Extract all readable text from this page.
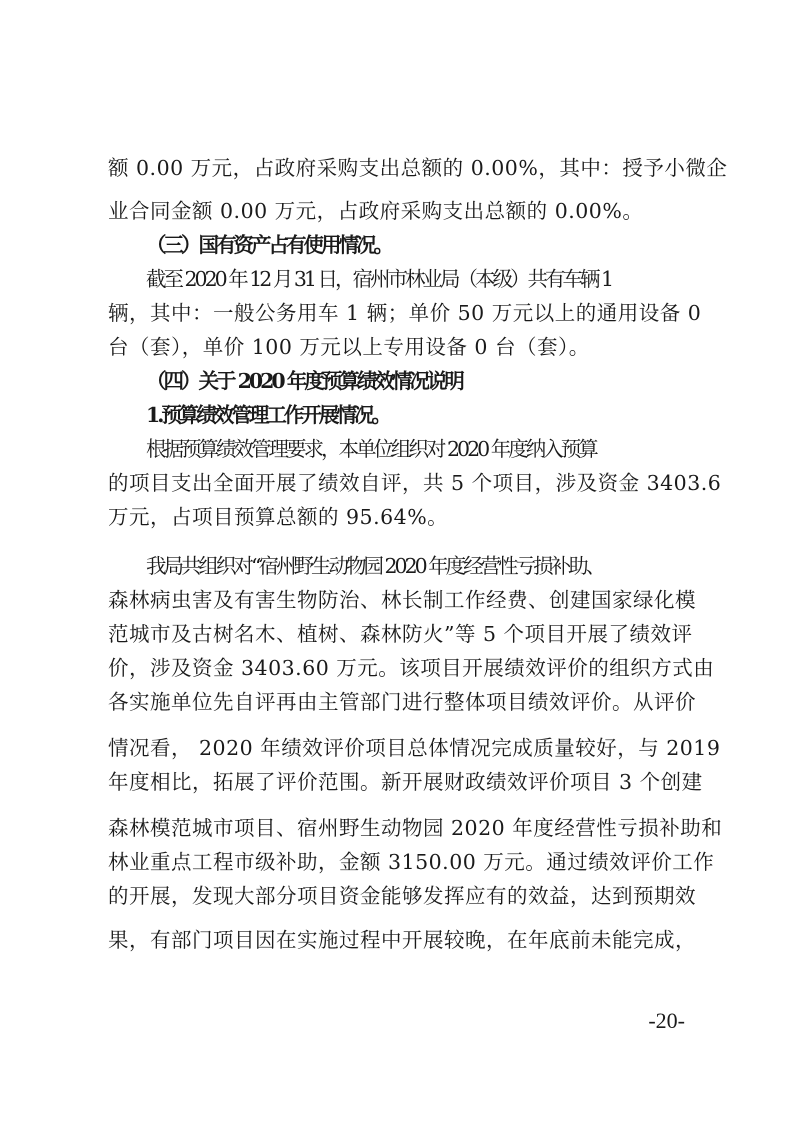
额 0.00 万元，占政府采购支出总额的 0.00%，其中：授予小微企
业合同金额 0.00 万元，占政府采购支出总额的 0.00%。
（三）国有资产占有使用情况。
截至 2020 年 12 月 31 日，宿州市林业局（本级）共有车辆 1
辆，其中：一般公务用车 1 辆；单价 50 万元以上的通用设备 0
台（套），单价 100 万元以上专用设备 0 台（套）。
（四）关于 2020 年度预算绩效情况说明
1.预算绩效管理工作开展情况。
根据预算绩效管理要求，本单位组织对 2020 年度纳入预算
的项目支出全面开展了绩效自评，共 5 个项目，涉及资金 3403.6
万元，占项目预算总额的 95.64%。
我局共组织对“宿州野生动物园 2020 年度经营性亏损补助、
森林病虫害及有害生物防治、林长制工作经费、创建国家绿化模
范城市及古树名木、植树、森林防火”等 5 个项目开展了绩效评
价，涉及资金 3403.60 万元。该项目开展绩效评价的组织方式由
各实施单位先自评再由主管部门进行整体项目绩效评价。从评价
情况看， 2020 年绩效评价项目总体情况完成质量较好，与 2019
年度相比，拓展了评价范围。新开展财政绩效评价项目 3 个创建
森林模范城市项目、宿州野生动物园 2020 年度经营性亏损补助和
林业重点工程市级补助，金额 3150.00 万元。通过绩效评价工作
的开展，发现大部分项目资金能够发挥应有的效益，达到预期效
果，有部门项目因在实施过程中开展较晚，在年底前未能完成，
-20-
